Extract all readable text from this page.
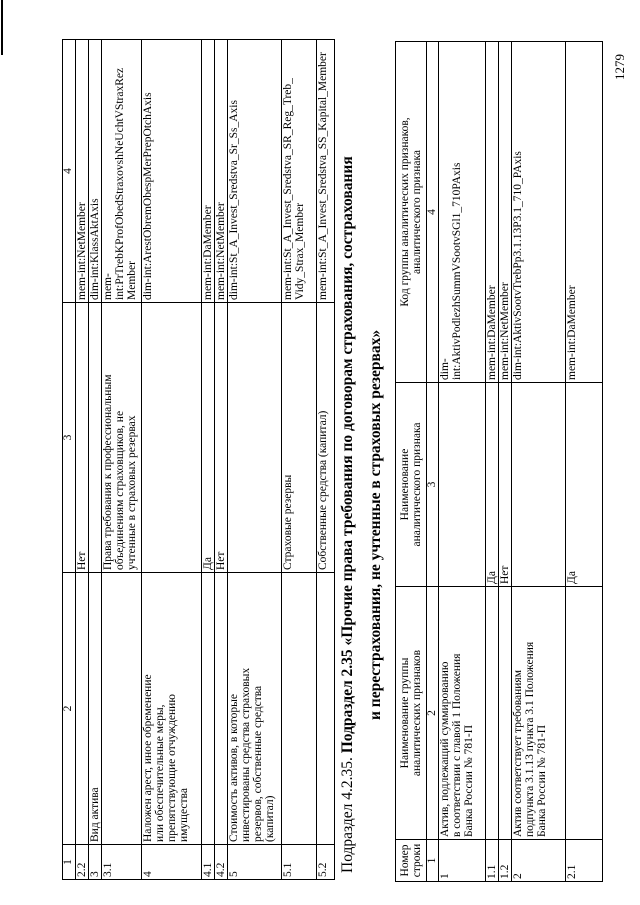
1	2	3	4
2.2		Нет	mem-int:NetMember
3	Вид актива		dim-int:KlassAktAxis
3.1		Права требования к профессиональным
объединениям страховщиков, не
учтенные в страховых резервах	mem-
int:PrTrebKProfObedStraxovshNeUchtVStraxRez
Member
4	Наложен арест, иное обременение
или обеспечительные меры,
препятствующие отчуждению
имущества		dim-int:ArestObremObespMerPrepOtchAxis
4.1		Да	mem-int:DaMember
4.2		Нет	mem-int:NetMember
5	Стоимость активов, в которые
инвестированы средства страховых
резервов, собственные средства
(капитал)		dim-int:St_A_Invest_Sredstva_Sr_Ss_Axis
5.1		Страховые резервы	mem-int:St_A_Invest_Sredstva_SR_Reg_Treb_
Vidy_Strax_Member
5.2		Собственные средства (капитал)	mem-int:St_A_Invest_Sredstva_SS_Kapital_Member
Подраздел 4.2.35. Подраздел 2.35 «Прочие права требования по договорам страхования, сострахования и перестрахования, не учтенные в страховых резервах»
Номер
строки	Наименование группы
аналитических признаков	Наименование
аналитического признака	Код группы аналитических признаков,
аналитического признака
1	2	3	4
1	Актив, подлежащий суммированию
в соответствии с главой 1 Положения
Банка России № 781-П		dim-
int:AktivPodlezhSummVSootvSGl1_710PAxis
1.1		Да	mem-int:DaMember
1.2		Нет	mem-int:NetMember
2	Актив соответствует требованиям
подпункта 3.1.13 пункта 3.1 Положения
Банка России № 781-П		dim-int:AktivSootvTrebPp3.1.13P3.1_710_PAxis
2.1		Да	mem-int:DaMember
1279
